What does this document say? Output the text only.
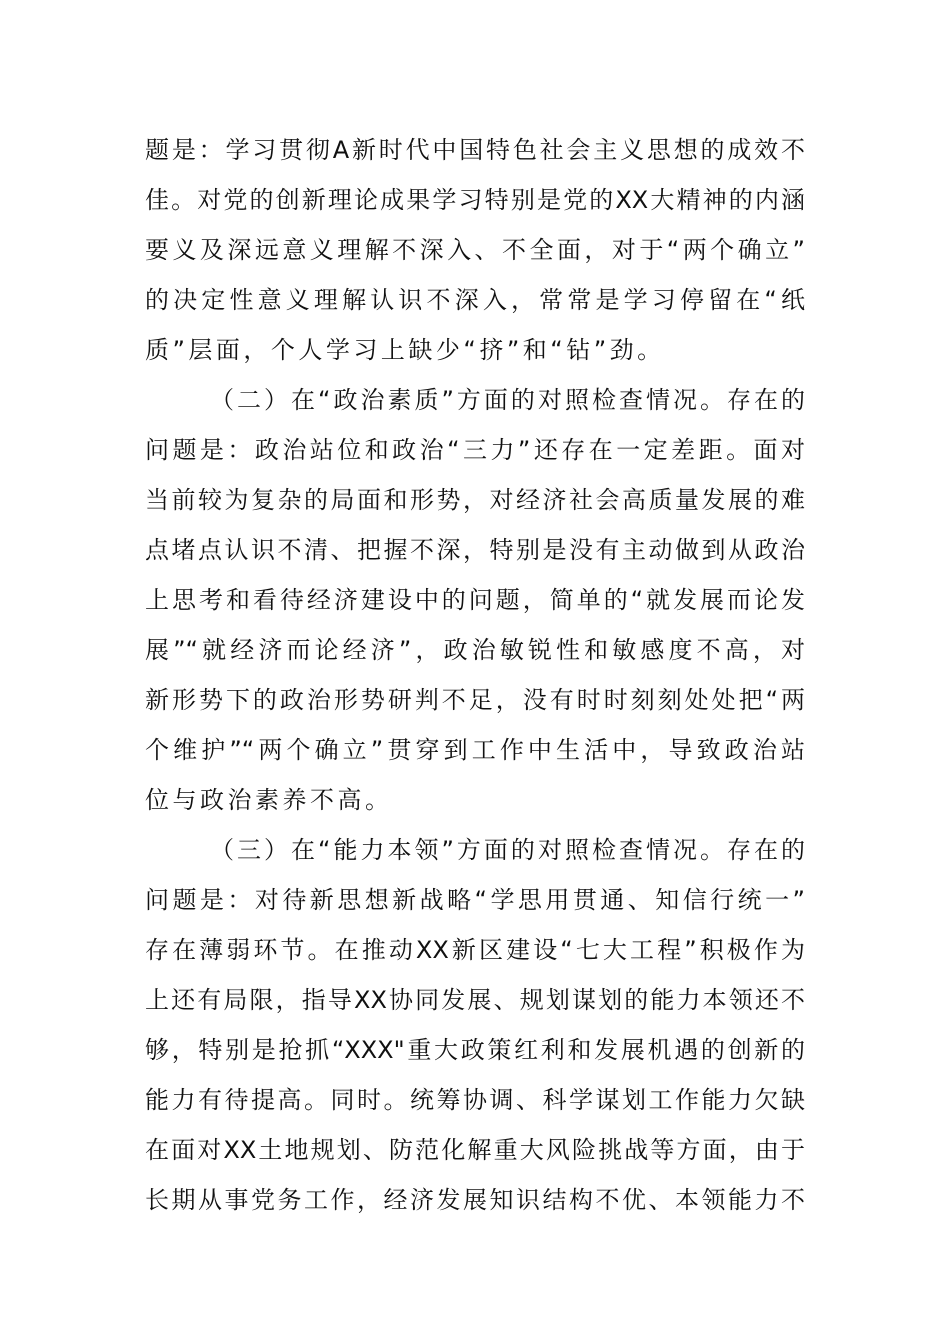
题是：学习贯彻A新时代中国特色社会主义思想的成效不
佳。对党的创新理论成果学习特别是党的XX大精神的内涵
要义及深远意义理解不深入、不全面，对于“两个确立”
的决定性意义理解认识不深入，常常是学习停留在“纸
质”层面，个人学习上缺少“挤”和“钻”劲。
（二）在“政治素质”方面的对照检查情况。存在的
问题是：政治站位和政治“三力”还存在一定差距。面对
当前较为复杂的局面和形势，对经济社会高质量发展的难
点堵点认识不清、把握不深，特别是没有主动做到从政治
上思考和看待经济建设中的问题，简单的“就发展而论发
展”“就经济而论经济”，政治敏锐性和敏感度不高，对
新形势下的政治形势研判不足，没有时时刻刻处处把“两
个维护”“两个确立”贯穿到工作中生活中，导致政治站
位与政治素养不高。
（三）在“能力本领”方面的对照检查情况。存在的
问题是：对待新思想新战略“学思用贯通、知信行统一”
存在薄弱环节。在推动XX新区建设“七大工程”积极作为
上还有局限，指导XX协同发展、规划谋划的能力本领还不
够，特别是抢抓“XXX"重大政策红利和发展机遇的创新的
能力有待提高。同时。统筹协调、科学谋划工作能力欠缺
在面对XX土地规划、防范化解重大风险挑战等方面，由于
长期从事党务工作，经济发展知识结构不优、本领能力不
